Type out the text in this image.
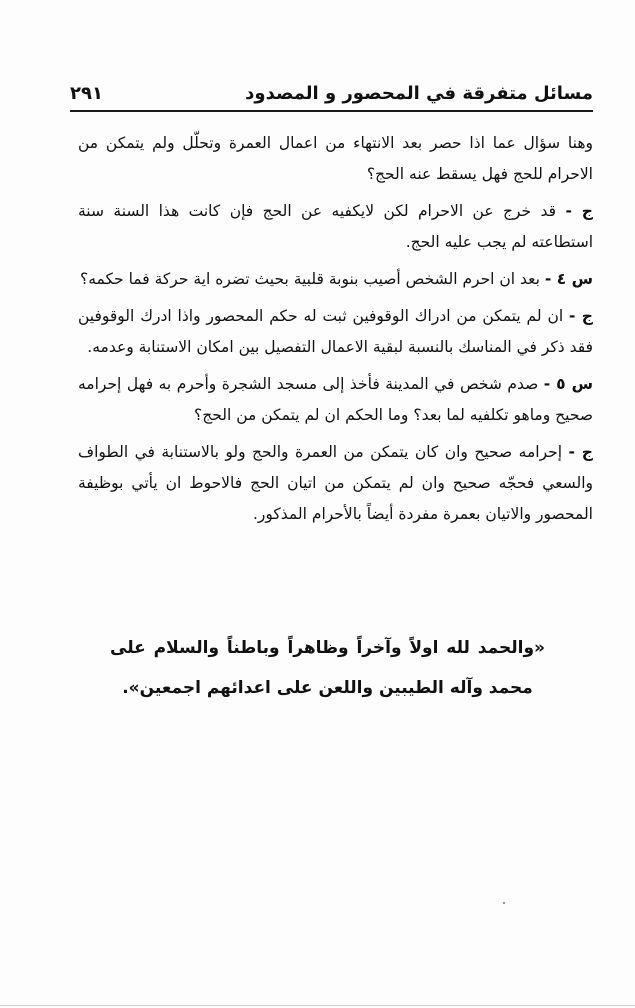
مسائل متفرقة في المحصور و المصدود
٢٩١

وهنا سؤال عما اذا حصر بعد الانتهاء من اعمال العمرة وتحلّل ولم يتمكن من الاحرام للحج فهل يسقط عنه الحج؟

ج - قد خرج عن الاحرام لكن لايكفيه عن الحج فإن كانت هذا السنة سنة استطاعته لم يجب عليه الحج.

س ٤ - بعد ان احرم الشخص أصيب بنوبة قلبية بحيث تضره اية حركة فما حكمه؟

ج - ان لم يتمكن من ادراك الوقوفين ثبت له حكم المحصور واذا ادرك الوقوفين فقد ذكر في المناسك بالنسبة لبقية الاعمال التفصيل بين امكان الاستنابة وعدمه.

س ٥ - صدم شخص في المدينة فأخذ إلى مسجد الشجرة وأحرم به فهل إحرامه صحيح وماهو تكلفيه لما بعد؟ وما الحكم ان لم يتمكن من الحج؟

ج - إحرامه صحيح وان كان يتمكن من العمرة والحج ولو بالاستنابة في الطواف والسعي فحجّه صحيح وان لم يتمكن من اتيان الحج فالاحوط ان يأتي بوظيفة المحصور والاتيان بعمرة مفردة أيضاً بالأحرام المذكور.

«والحمد لله اولاً وآخراً وظاهراً وباطناً والسلام على محمد وآله الطيبين واللعن على اعدائهم اجمعين».
